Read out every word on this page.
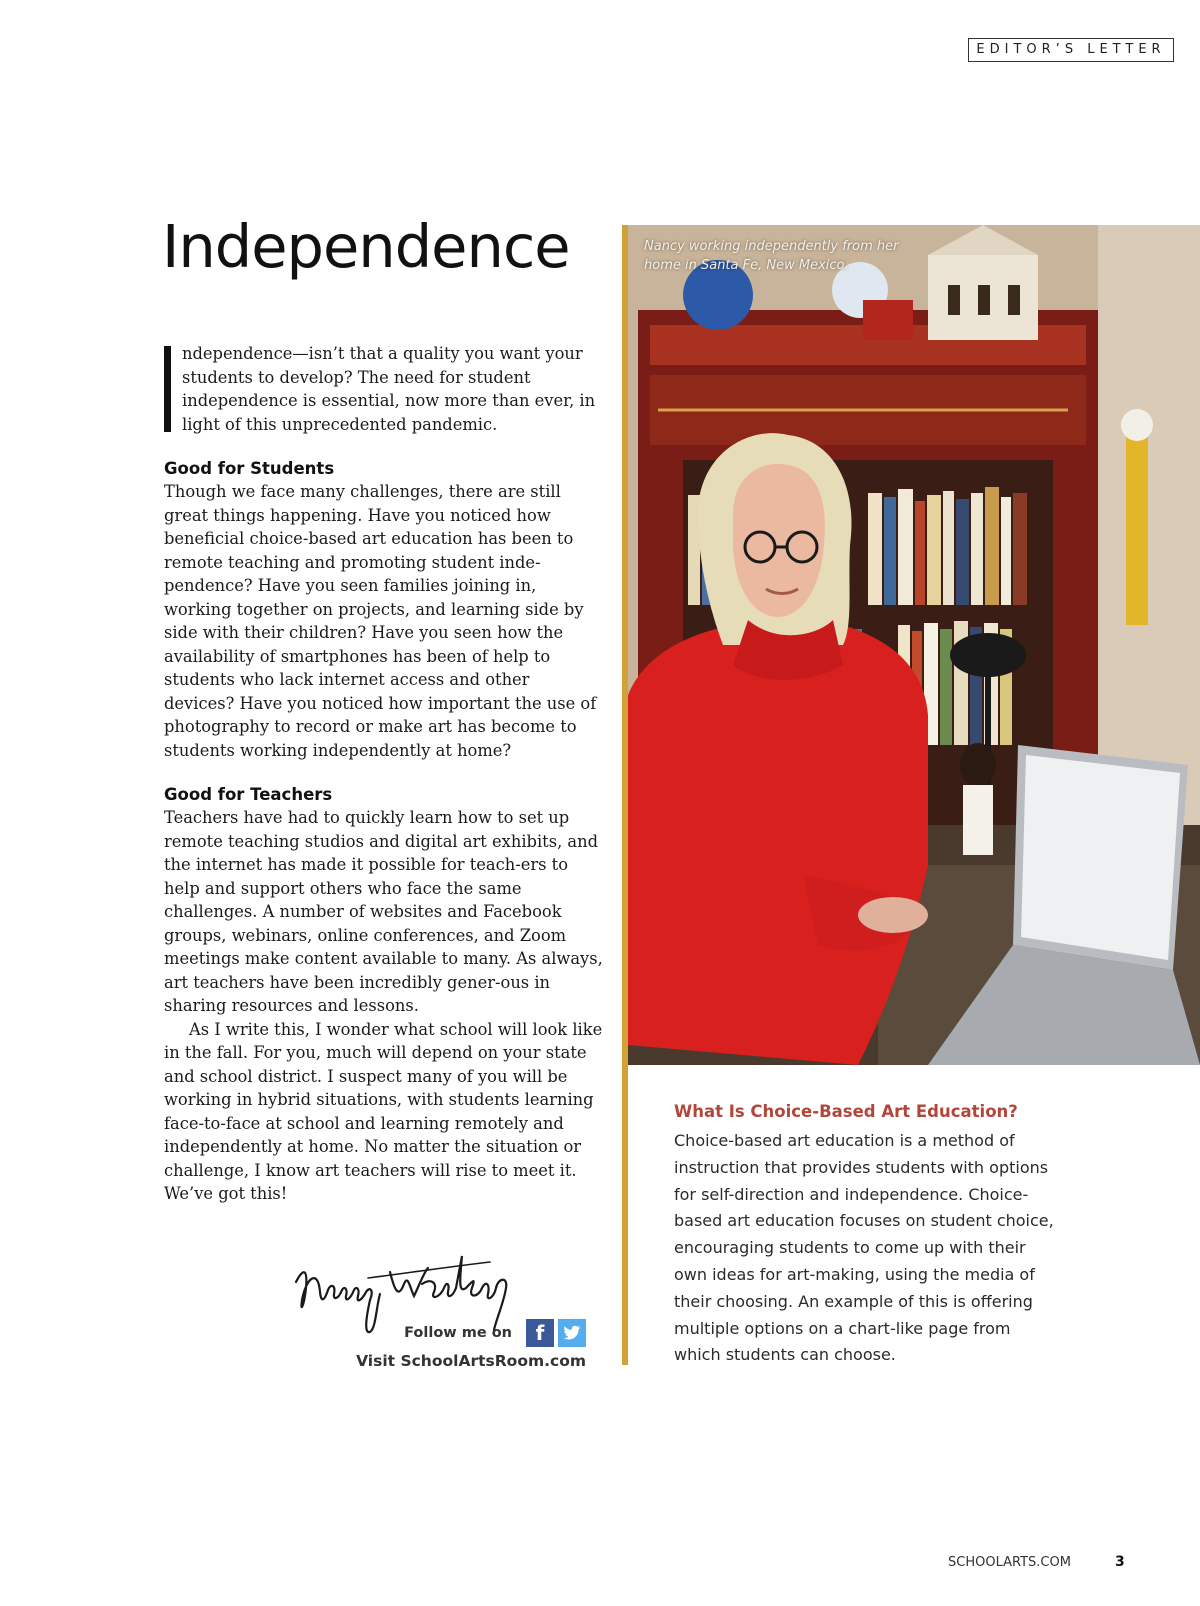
EDITOR’S LETTER
Independence

ndependence—isn’t that a quality you want your students to develop? The need for student independence is essential, now more than ever, in light of this unprecedented pandemic.

Good for Students

Though we face many challenges, there are still great things happening. Have you noticed how beneficial choice-based art education has been to remote teaching and promoting student inde-pendence? Have you seen families joining in, working together on projects, and learning side by side with their children? Have you seen how the availability of smartphones has been of help to students who lack internet access and other devices? Have you noticed how important the use of photography to record or make art has become to students working independently at home?

Good for Teachers

Teachers have had to quickly learn how to set up remote teaching studios and digital art exhibits, and the internet has made it possible for teach-ers to help and support others who face the same challenges. A number of websites and Facebook groups, webinars, online conferences, and Zoom meetings make content available to many. As always, art teachers have been incredibly gener-ous in sharing resources and lessons.

As I write this, I wonder what school will look like in the fall. For you, much will depend on your state and school district. I suspect many of you will be working in hybrid situations, with students learning face-to-face at school and learning remotely and independently at home. No matter the situation or challenge, I know art teachers will rise to meet it. We’ve got this!

Follow me on	f
Visit SchoolArtsRoom.com
Nancy working independently from her home in Santa Fe, New Mexico.
What Is Choice-Based Art Education?

Choice-based art education is a method of instruction that provides students with options for self-direction and independence. Choice-based art education focuses on student choice, encouraging students to come up with their own ideas for art-making, using the media of their choosing. An example of this is offering multiple options on a chart-like page from which students can choose.

SCHOOLARTS.COM	3
